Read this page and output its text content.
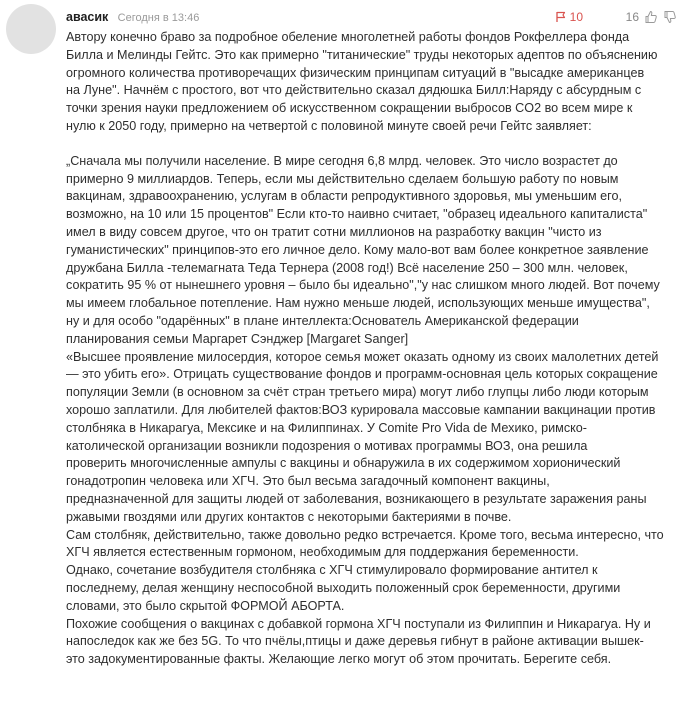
авасик Сегодня в 13:46	10	16

Автору конечно браво за подробное обеление многолетней работы фондов Рокфеллера фонда
Билла и Мелинды Гейтс. Это как примерно "титанические" труды некоторых адептов по объяснению
огромного количества противоречащих физическим принципам ситуаций в "высадке американцев
на Луне". Начнём с простого, вот что действительно сказал дядюшка Билл:Наряду с абсурдным с
точки зрения науки предложением об искусственном сокращении выбросов CO2 во всем мире к
нулю к 2050 году, примерно на четвертой с половиной минуте своей речи Гейтс заявляет:

„Сначала мы получили население. В мире сегодня 6,8 млрд. человек. Это число возрастет до
примерно 9 миллиардов. Теперь, если мы действительно сделаем большую работу по новым
вакцинам, здравоохранению, услугам в области репродуктивного здоровья, мы уменьшим его,
возможно, на 10 или 15 процентов" Если кто-то наивно считает, "образец идеального капиталиста"
имел в виду совсем другое, что он тратит сотни миллионов на разработку вакцин "чисто из
гуманистических" принципов-это его личное дело. Кому мало-вот вам более конкретное заявление
дружбана Билла -телемагната Теда Тернера (2008 год!) Всё население 250 – 300 млн. человек,
сократить 95 % от нынешнего уровня – было бы идеально","у нас слишком много людей. Вот почему
мы имеем глобальное потепление. Нам нужно меньше людей, использующих меньше имущества",
ну и для особо "одарённых" в плане интеллекта:Основатель Американской федерации
планирования семьи Маргарет Сэнджер [Margaret Sanger]
«Высшее проявление милосердия, которое семья может оказать одному из своих малолетних детей
— это убить его». Отрицать существование фондов и программ-основная цель которых сокращение
популяции Земли (в основном за счёт стран третьего мира) могут либо глупцы либо люди которым
хорошо заплатили. Для любителей фактов:ВОЗ курировала массовые кампании вакцинации против
столбняка в Никарагуа, Мексике и на Филиппинах. У Comite Pro Vida de Мехико, римско-
католической организации возникли подозрения о мотивах программы ВОЗ, она решила
проверить многочисленные ампулы с вакцины и обнаружила в их содержимом хорионический
гонадотропин человека или ХГЧ. Это был весьма загадочный компонент вакцины,
предназначенной для защиты людей от заболевания, возникающего в результате заражения раны
ржавыми гвоздями или других контактов с некоторыми бактериями в почве.
Сам столбняк, действительно, также довольно редко встречается. Кроме того, весьма интересно, что
ХГЧ является естественным гормоном, необходимым для поддержания беременности.
Однако, сочетание возбудителя столбняка с ХГЧ стимулировало формирование антител к
последнему, делая женщину неспособной выходить положенный срок беременности, другими
словами, это было скрытой ФОРМОЙ АБОРТА.
Похожие сообщения о вакцинах с добавкой гормона ХГЧ поступали из Филиппин и Никарагуа. Ну и
напоследок как же без 5G. То что пчёлы,птицы и даже деревья гибнут в районе активации вышек-
это задокументированные факты. Желающие легко могут об этом прочитать. Берегите себя.
